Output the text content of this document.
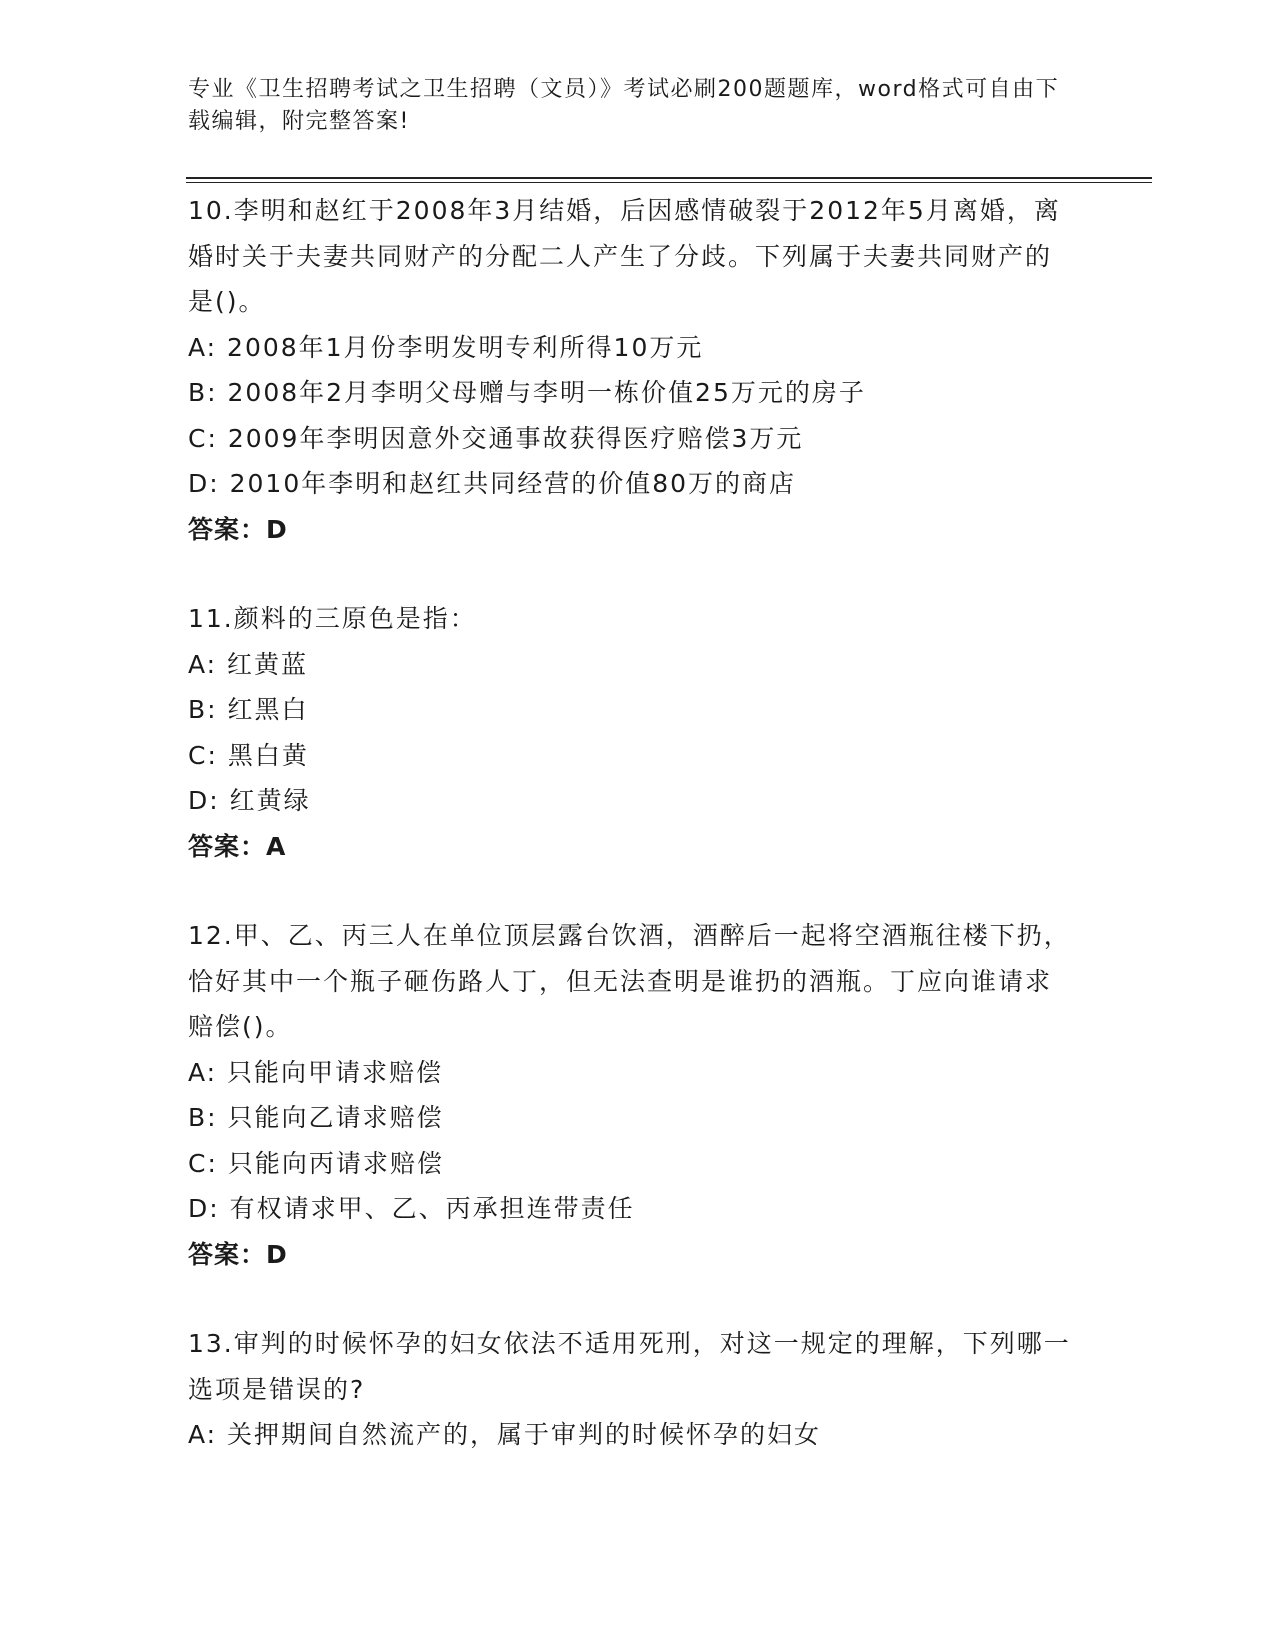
专业《卫生招聘考试之卫生招聘（文员）》考试必刷200题题库，word格式可自由下载编辑，附完整答案!
10.李明和赵红于2008年3月结婚，后因感情破裂于2012年5月离婚，离婚时关于夫妻共同财产的分配二人产生了分歧。下列属于夫妻共同财产的是()。
A: 2008年1月份李明发明专利所得10万元
B: 2008年2月李明父母赠与李明一栋价值25万元的房子
C: 2009年李明因意外交通事故获得医疗赔偿3万元
D: 2010年李明和赵红共同经营的价值80万的商店
答案：D
11.颜料的三原色是指：
A: 红黄蓝
B: 红黑白
C: 黑白黄
D: 红黄绿
答案：A
12.甲、乙、丙三人在单位顶层露台饮酒，酒醉后一起将空酒瓶往楼下扔，恰好其中一个瓶子砸伤路人丁，但无法查明是谁扔的酒瓶。丁应向谁请求赔偿()。
A: 只能向甲请求赔偿
B: 只能向乙请求赔偿
C: 只能向丙请求赔偿
D: 有权请求甲、乙、丙承担连带责任
答案：D
13.审判的时候怀孕的妇女依法不适用死刑，对这一规定的理解，下列哪一选项是错误的?
A: 关押期间自然流产的，属于审判的时候怀孕的妇女
